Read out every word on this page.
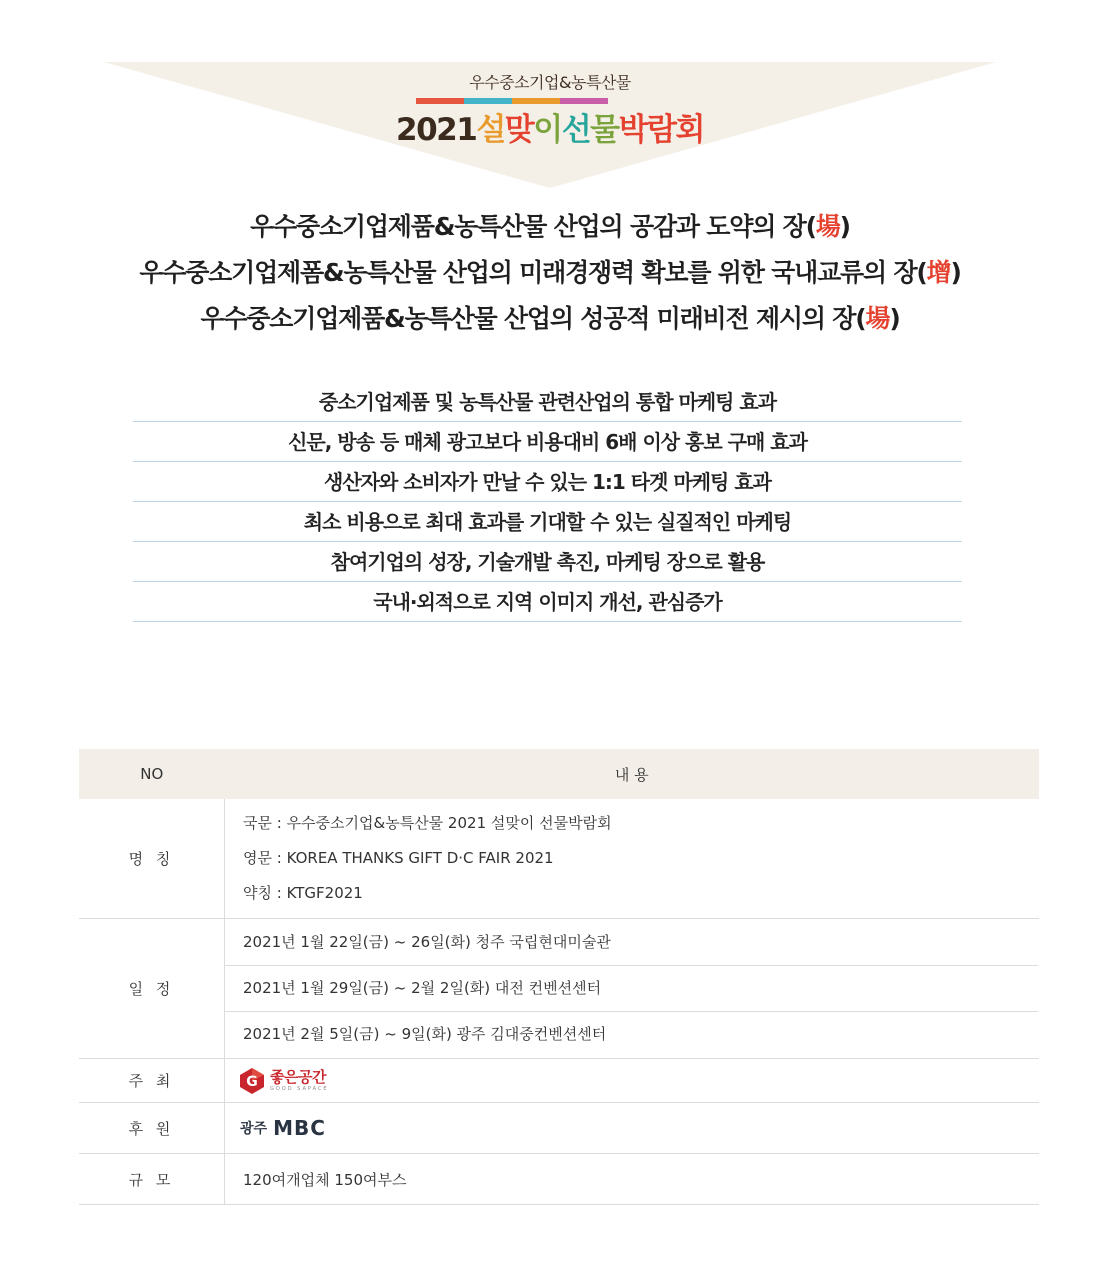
우수중소기업&농특산물
2021설맞이선물박람회
우수중소기업제품&농특산물 산업의 공감과 도약의 장(場)
우수중소기업제폼&농특산물 산업의 미래경쟁력 확보를 위한 국내교류의 장(增)
우수중소기업제품&농특산물 산업의 성공적 미래비전 제시의 장(場)
중소기업제품 및 농특산물 관련산업의 통합 마케팅 효과
신문, 방송 등 매체 광고보다 비용대비 6배 이상 홍보 구매 효과
생산자와 소비자가 만날 수 있는 1:1 타겟 마케팅 효과
최소 비용으로 최대 효과를 기대할 수 있는 실질적인 마케팅
참여기업의 성장, 기술개발 촉진, 마케팅 장으로 활용
국내·외적으로 지역 이미지 개선, 관심증가
NO	내 용
명 칭	국문 : 우수중소기업&농특산물 2021 설맞이 선물박람회
영문 : KOREA THANKS GIFT D·C FAIR 2021
약칭 : KTGF2021

일 정	2021년 1월 22일(금) ~ 26일(화) 청주 국립현대미술관
2021년 1월 29일(금) ~ 2월 2일(화) 대전 컨벤션센터
2021년 2월 5일(금) ~ 9일(화) 광주 김대중컨벤션센터

주 최	G 좋은공간
GOOD SAPACE

후 원	광주 MBC

규 모	120여개업체 150여부스
